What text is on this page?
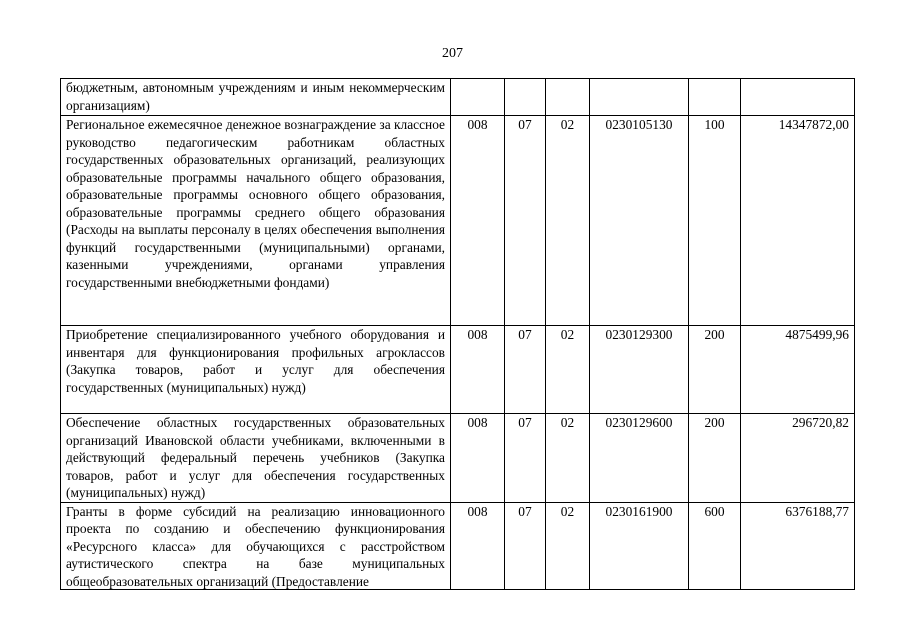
207
бюджетным, автономным учреждениям и иным некоммерческим организациям)						
Региональное ежемесячное денежное вознаграждение за классное руководство педагогическим работникам областных государственных образовательных организаций, реализующих образовательные программы начального общего образования, образовательные программы основного общего образования, образовательные программы среднего общего образования (Расходы на выплаты персоналу в целях обеспечения выполнения функций государственными (муниципальными) органами, казенными учреждениями, органами управления государственными внебюджетными фондами)	008	07	02	0230105130	100	14347872,00
Приобретение специализированного учебного оборудования и инвентаря для функционирования профильных агроклассов (Закупка товаров, работ и услуг для обеспечения государственных (муниципальных) нужд)	008	07	02	0230129300	200	4875499,96
Обеспечение областных государственных образовательных организаций Ивановской области учебниками, включенными в действующий федеральный перечень учебников (Закупка товаров, работ и услуг для обеспечения государственных (муниципальных) нужд)	008	07	02	0230129600	200	296720,82

Гранты в форме субсидий на реализацию инновационного проекта по созданию и обеспечению функционирования «Ресурсного класса» для обучающихся с расстройством аутистического спектра на базе муниципальных общеобразовательных организаций (Предоставление	008	07	02	0230161900	600	6376188,77
